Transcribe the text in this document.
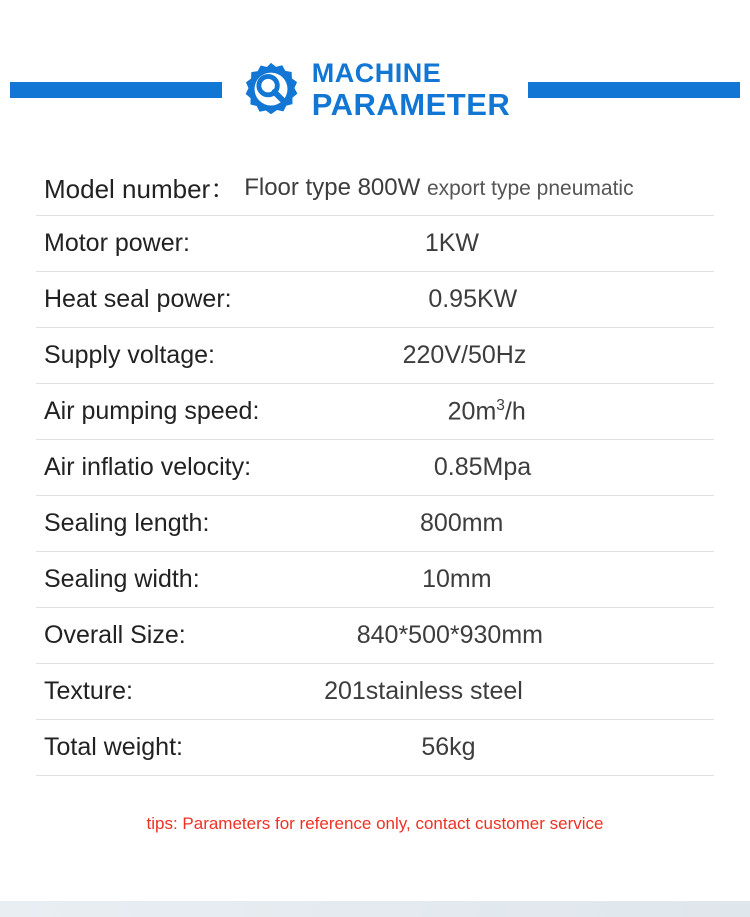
MACHINE
PARAMETER
Model number： Floor type 800W export type pneumatic
Motor power:	1KW
Heat seal power:	0.95KW
Supply voltage:	220V/50Hz
Air pumping speed:	$20m^3/h$
Air inflatio velocity:	0.85Mpa
Sealing length:	800mm
Sealing width:	10mm
Overall Size:	840*500*930mm
Texture:	201stainless steel
Total weight:	56kg
tips: Parameters for reference only, contact customer service
